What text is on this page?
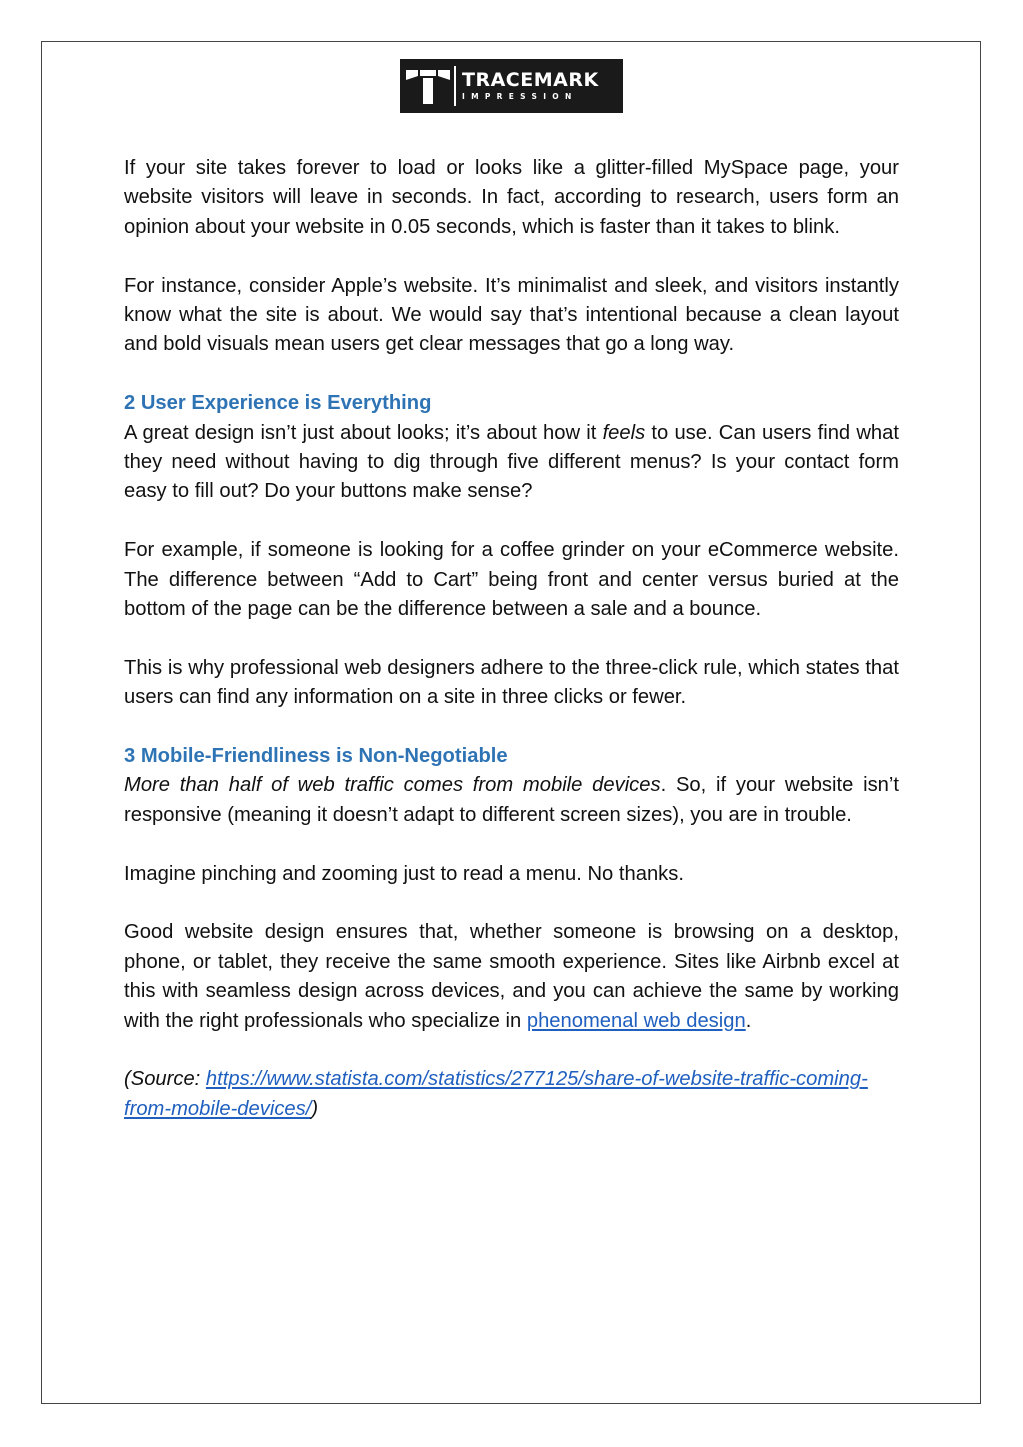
TRACEMARK
IMPRESSION

If your site takes forever to load or looks like a glitter-filled MySpace page, your website visitors will leave in seconds. In fact, according to research, users form an opinion about your website in 0.05 seconds, which is faster than it takes to blink.

For instance, consider Apple’s website. It’s minimalist and sleek, and visitors instantly know what the site is about. We would say that’s intentional because a clean layout and bold visuals mean users get clear messages that go a long way.

2 User Experience is Everything

A great design isn’t just about looks; it’s about how it feels to use. Can users find what they need without having to dig through five different menus? Is your contact form easy to fill out? Do your buttons make sense?

For example, if someone is looking for a coffee grinder on your eCommerce website. The difference between “Add to Cart” being front and center versus buried at the bottom of the page can be the difference between a sale and a bounce.

This is why professional web designers adhere to the three-click rule, which states that users can find any information on a site in three clicks or fewer.

3 Mobile-Friendliness is Non-Negotiable

More than half of web traffic comes from mobile devices. So, if your website isn’t responsive (meaning it doesn’t adapt to different screen sizes), you are in trouble.

Imagine pinching and zooming just to read a menu. No thanks.

Good website design ensures that, whether someone is browsing on a desktop, phone, or tablet, they receive the same smooth experience. Sites like Airbnb excel at this with seamless design across devices, and you can achieve the same by working with the right professionals who specialize in phenomenal web design.

(Source: https://www.statista.com/statistics/277125/share-of-website-traffic-coming-from-mobile-devices/)
